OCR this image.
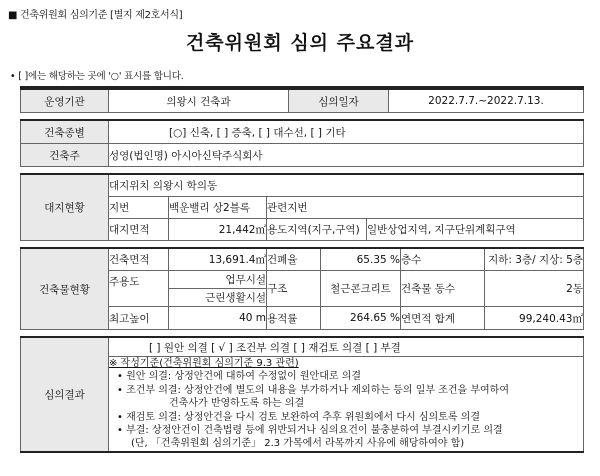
■ 건축위원회 심의기준 [별지 제2호서식]
건축위원회 심의 주요결과
• [ ]에는 해당하는 곳에 '○' 표시를 합니다.
운영기관	의왕시 건축과	심의일자	2022.7.7.~2022.7.13.

건축종별	[○] 신축, [ ] 증축, [ ] 대수선, [ ] 기타
건축주	성영(법인명) 아시아신탁주식회사

대지현황	대지위치 의왕시 학의동
지번	백운밸리 상2블록	관련지번
대지면적	21,442㎡	용도지역(지구,구역)	일반상업지역, 지구단위계획구역

건축물현황	건축면적	13,691.4㎡	건폐율	65.35 %	층수	지하: 3층/ 지상: 5층
주용도	업무시설	구조	철근콘크리트	건축물 동수	2동
근린생활시설
최고높이	40 m	용적률	264.65 %	연면적 합계	99,240.43㎡

심의결과	[ ] 원안 의결 [ √ ] 조건부 의결 [ ] 재검토 의결 [ ] 부결

※ 작성기준(건축위원회 심의기준 9.3 관련)
• 원안 의결: 상정안건에 대하여 수정없이 원안대로 의결
• 조건부 의결: 상정안건에 별도의 내용을 부가하거나 제외하는 등의 일부 조건을 부여하여
건축사가 반영하도록 하는 의결
• 재검토 의결: 상정안건을 다시 검토 보완하여 추후 위원회에서 다시 심의토록 의결
• 부결: 상정안건이 건축법령 등에 위반되거나 심의요건이 불충분하여 부결시키기로 의결
(단, 「건축위원회 심의기준」 2.3 가목에서 라목까지 사유에 해당하여야 함)
